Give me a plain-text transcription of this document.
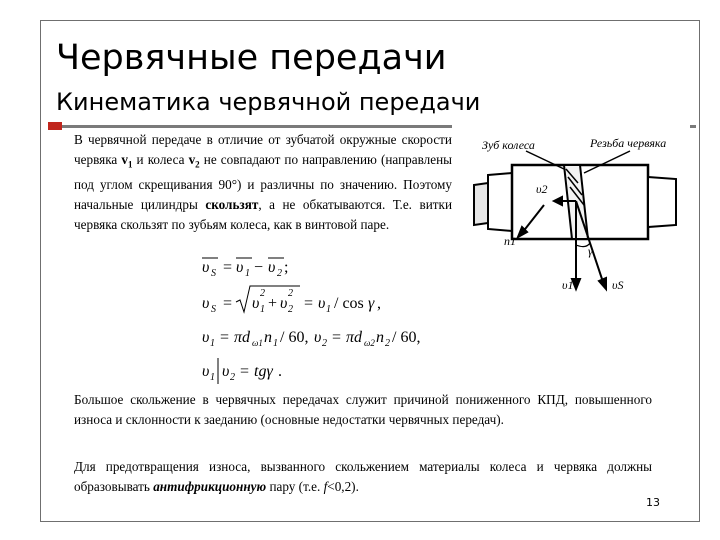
Червячные передачи
Кинематика червячной передачи
В червячной передаче в отличие от зубчатой окружные скорости червяка $v_1$ и колеса $v_2$ не совпадают по направлению (направлены под углом скрещивания 90°) и различны по значению. Поэтому начальные цилиндры скользят, а не обкатываются. Т.е. витки червяка скользят по зубьям колеса, как в винтовой паре.
υ S = υ 1 − υ 2 ;
υ S = υ 1
2
+ υ 2
2
= υ 1 / cos γ ,
υ 1 = πd ω1 n 1 / 60, υ 2 = πd ω2 n 2 / 60,
υ 1 υ 2 = tgγ .
Зуб колеса	Резьба червяка
υ2
υ1	υS
n1
γ
Большое скольжение в червячных передачах служит причиной пониженного КПД, повышенного износа и склонности к заеданию (основные недостатки червячных передач).
Для предотвращения износа, вызванного скольжением материалы колеса и червяка должны образовывать антифрикционную пару (т.е. f<0,2).
13
